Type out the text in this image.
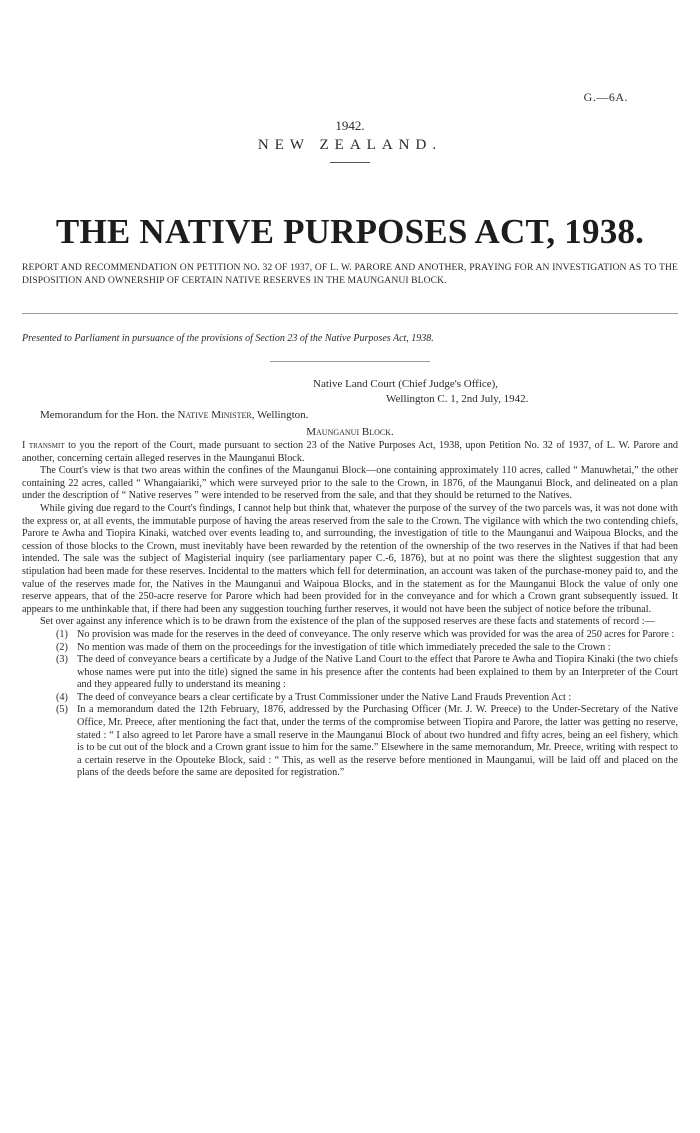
G.—6A.
1942.
NEW ZEALAND.
THE NATIVE PURPOSES ACT, 1938.
REPORT AND RECOMMENDATION ON PETITION NO. 32 OF 1937, OF L. W. PARORE AND ANOTHER, PRAYING FOR AN INVESTIGATION AS TO THE DISPOSITION AND OWNERSHIP OF CERTAIN NATIVE RESERVES IN THE MAUNGANUI BLOCK.
Presented to Parliament in pursuance of the provisions of Section 23 of the Native Purposes Act, 1938.
Native Land Court (Chief Judge's Office),
Wellington C. 1, 2nd July, 1942.
Memorandum for the Hon. the Native Minister, Wellington.
Maunganui Block.

I transmit to you the report of the Court, made pursuant to section 23 of the Native Purposes Act, 1938, upon Petition No. 32 of 1937, of L. W. Parore and another, concerning certain alleged reserves in the Maunganui Block.

The Court's view is that two areas within the confines of the Maunganui Block—one containing approximately 110 acres, called “ Manuwhetai,” the other containing 22 acres, called “ Whangaiariki,” which were surveyed prior to the sale to the Crown, in 1876, of the Maunganui Block, and delineated on a plan under the description of “ Native reserves ” were intended to be reserved from the sale, and that they should be returned to the Natives.

While giving due regard to the Court's findings, I cannot help but think that, whatever the purpose of the survey of the two parcels was, it was not done with the express or, at all events, the immutable purpose of having the areas reserved from the sale to the Crown. The vigilance with which the two contending chiefs, Parore te Awha and Tiopira Kinaki, watched over events leading to, and surrounding, the investigation of title to the Maunganui and Waipoua Blocks, and the cession of those blocks to the Crown, must inevitably have been rewarded by the retention of the ownership of the two reserves in the Natives if that had been intended. The sale was the subject of Magisterial inquiry (see parliamentary paper C.-6, 1876), but at no point was there the slightest suggestion that any stipulation had been made for these reserves. Incidental to the matters which fell for determination, an account was taken of the purchase-money paid to, and the value of the reserves made for, the Natives in the Maunganui and Waipoua Blocks, and in the statement as for the Maunganui Block the value of only one reserve appears, that of the 250-acre reserve for Parore which had been provided for in the conveyance and for which a Crown grant subsequently issued. It appears to me unthinkable that, if there had been any suggestion touching further reserves, it would not have been the subject of notice before the tribunal.

Set over against any inference which is to be drawn from the existence of the plan of the supposed reserves are these facts and statements of record :—

(1) No provision was made for the reserves in the deed of conveyance. The only reserve which was provided for was the area of 250 acres for Parore :
(2) No mention was made of them on the proceedings for the investigation of title which immediately preceded the sale to the Crown :
(3) The deed of conveyance bears a certificate by a Judge of the Native Land Court to the effect that Parore te Awha and Tiopira Kinaki (the two chiefs whose names were put into the title) signed the same in his presence after the contents had been explained to them by an Interpreter of the Court and they appeared fully to understand its meaning :
(4) The deed of conveyance bears a clear certificate by a Trust Commissioner under the Native Land Frauds Prevention Act :
(5) In a memorandum dated the 12th February, 1876, addressed by the Purchasing Officer (Mr. J. W. Preece) to the Under-Secretary of the Native Office, Mr. Preece, after mentioning the fact that, under the terms of the compromise between Tiopira and Parore, the latter was getting no reserve, stated : “ I also agreed to let Parore have a small reserve in the Maunganui Block of about two hundred and fifty acres, being an eel fishery, which is to be cut out of the block and a Crown grant issue to him for the same.” Elsewhere in the same memorandum, Mr. Preece, writing with respect to a certain reserve in the Opouteke Block, said : “ This, as well as the reserve before mentioned in Maunganui, will be laid off and placed on the plans of the deeds before the same are deposited for registration.”
